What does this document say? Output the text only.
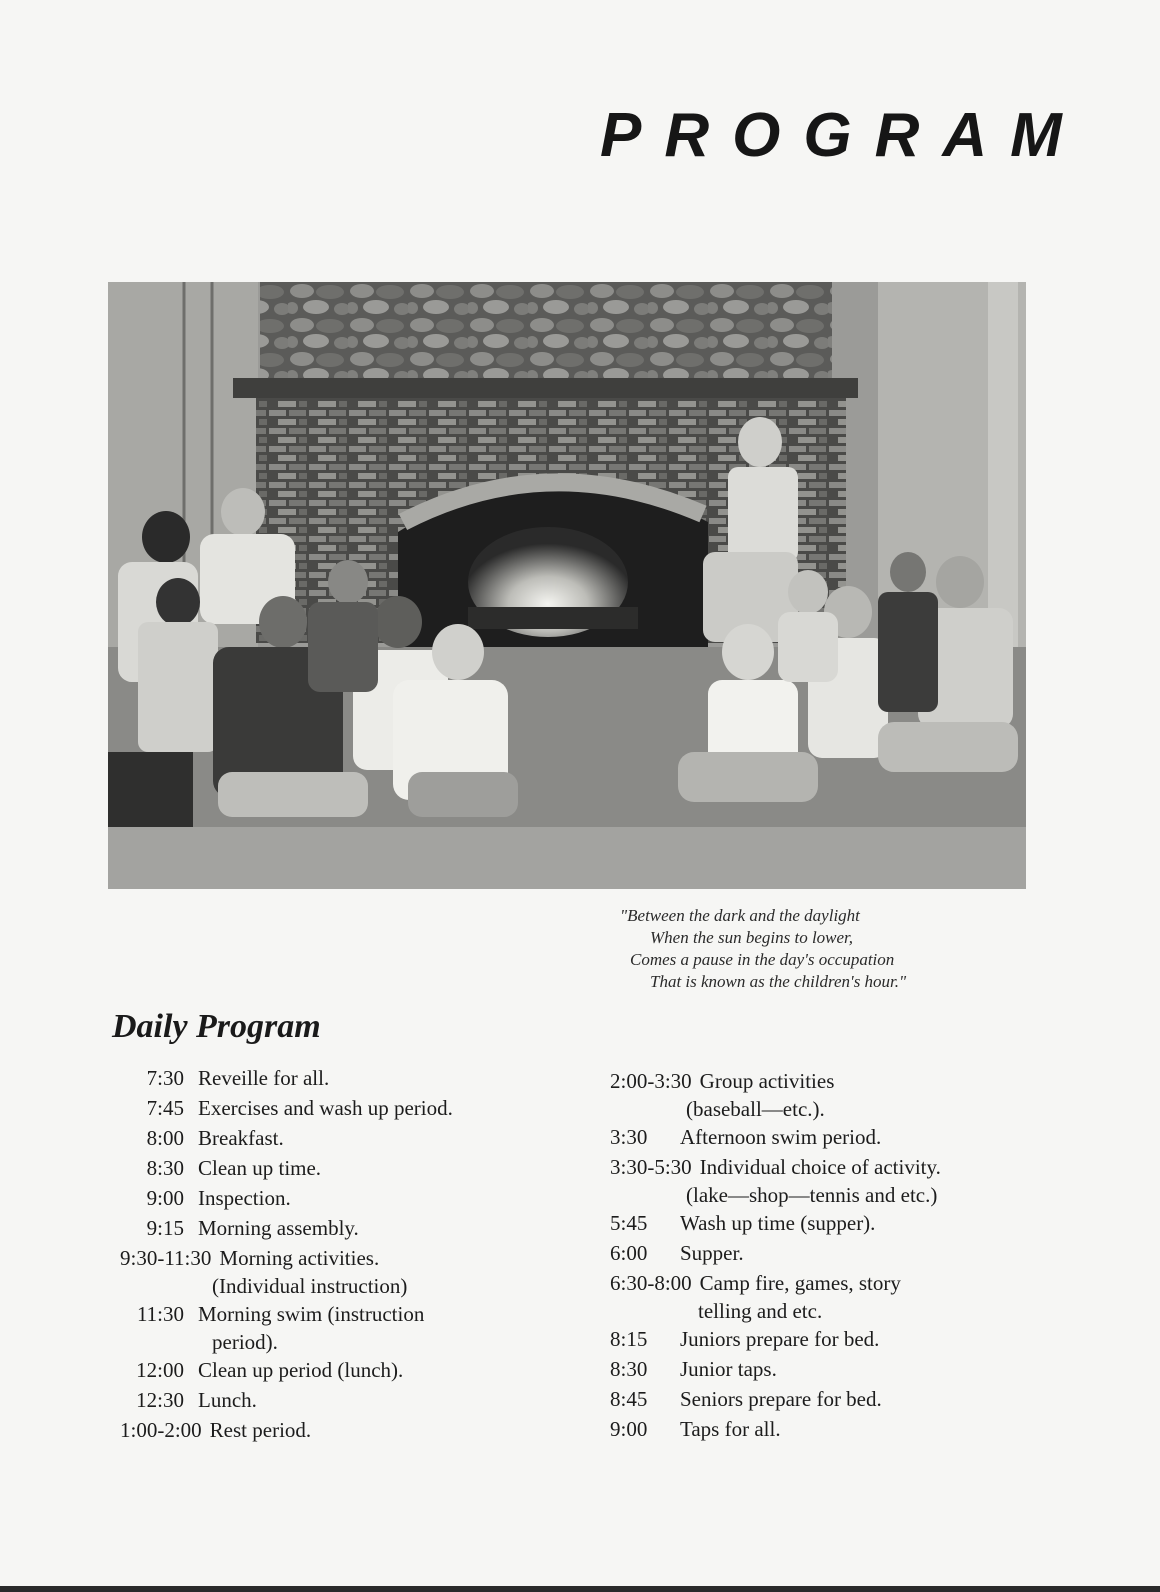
PROGRAM
"Between the dark and the daylight
When the sun begins to lower,
Comes a pause in the day's occupation
That is known as the children's hour."
Daily Program
7:30 Reveille for all.
7:45 Exercises and wash up period.
8:00 Breakfast.
8:30 Clean up time.
9:00 Inspection.
9:15 Morning assembly.
9:30-11:30 Morning activities.
(Individual instruction)
11:30 Morning swim (instruction
period).
12:00 Clean up period (lunch).
12:30 Lunch.
1:00-2:00 Rest period.
2:00-3:30 Group activities
(baseball—etc.).
3:30	Afternoon swim period.
3:30-5:30 Individual choice of activity.
(lake—shop—tennis and etc.)
5:45	Wash up time (supper).
6:00	Supper.
6:30-8:00 Camp fire, games, story
telling and etc.
8:15	Juniors prepare for bed.
8:30	Junior taps.
8:45	Seniors prepare for bed.
9:00	Taps for all.
